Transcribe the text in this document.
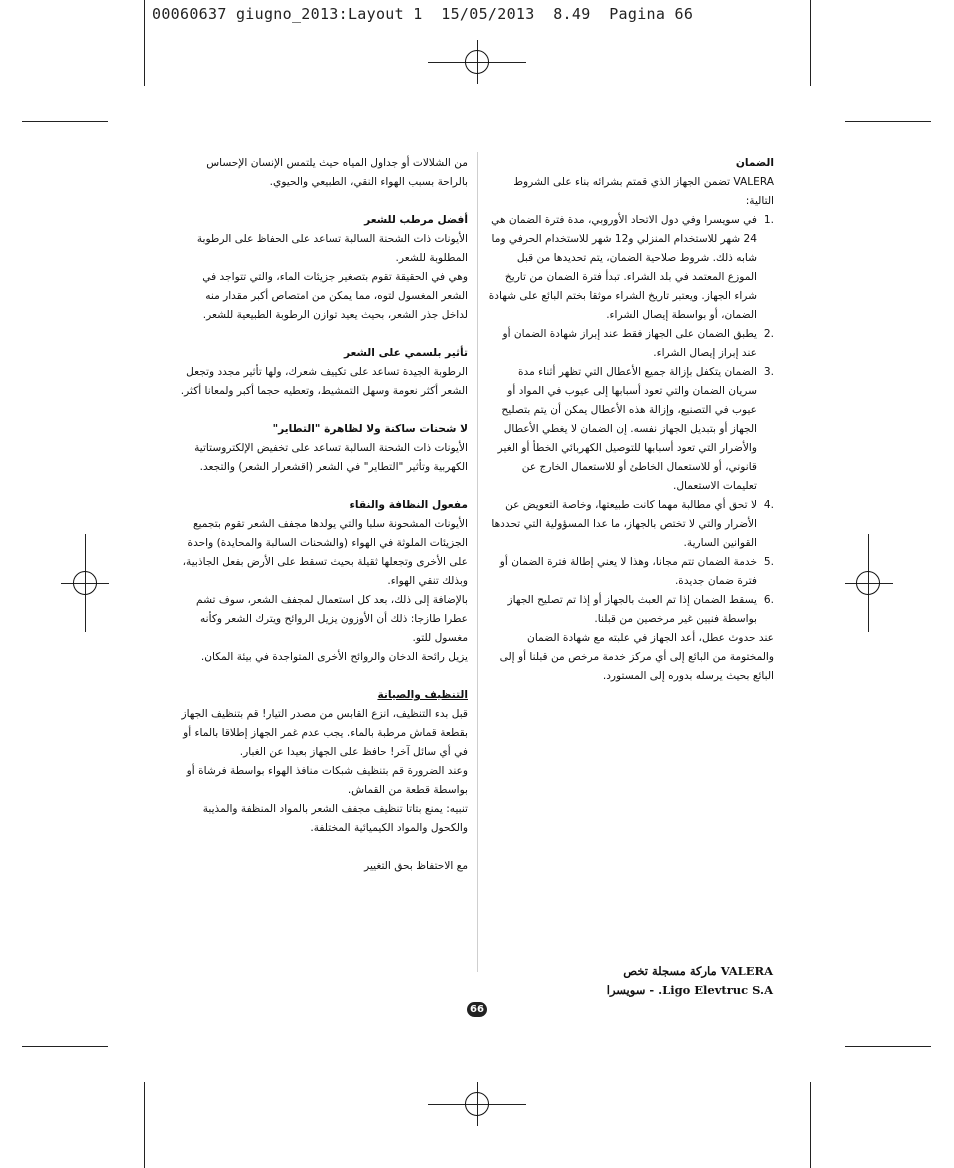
00060637 giugno_2013:Layout 1  15/05/2013  8.49  Pagina 66

الضمان

VALERA تضمن الجهاز الذي قمتم بشرائه بناء على الشروط التالية:

.1

في سويسرا وفي دول الاتحاد الأوروبي، مدة فترة الضمان هي 24 شهر للاستخدام المنزلي و12 شهر للاستخدام الحرفي وما شابه ذلك. شروط صلاحية الضمان، يتم تحديدها من قبل الموزع المعتمد في بلد الشراء. تبدأ فترة الضمان من تاريخ شراء الجهاز. ويعتبر تاريخ الشراء موثقا بختم البائع على شهادة الضمان، أو بواسطة إيصال الشراء.

.2

يطبق الضمان على الجهاز فقط عند إبراز شهادة الضمان أو عند إبراز إيصال الشراء.

.3

الضمان يتكفل بإزالة جميع الأعطال التي تظهر أثناء مدة سريان الضمان والتي تعود أسبابها إلى عيوب في المواد أو عيوب في التصنيع، وإزالة هذه الأعطال يمكن أن يتم بتصليح الجهاز أو بتبديل الجهاز نفسه. إن الضمان لا يغطي الأعطال والأضرار التي تعود أسبابها للتوصيل الكهربائي الخطأ أو الغير قانوني، أو للاستعمال الخاطئ أو للاستعمال الخارج عن تعليمات الاستعمال.

.4

لا تحق أي مطالبة مهما كانت طبيعتها، وخاصة التعويض عن الأضرار والتي لا تختص بالجهاز، ما عدا المسؤولية التي تحددها القوانين السارية.

.5

خدمة الضمان تتم مجانا، وهذا لا يعني إطالة فترة الضمان أو فترة ضمان جديدة.

.6

يسقط الضمان إذا تم العبث بالجهاز أو إذا تم تصليح الجهاز بواسطة فنيين غير مرخصين من قبلنا.

عند حدوث عطل، أعد الجهاز في علبته مع شهادة الضمان والمختومة من البائع إلى أي مركز خدمة مرخص من قبلنا أو إلى البائع بحيث يرسله بدوره إلى المستورد.

من الشلالات أو جداول المياه حيث يلتمس الإنسان الإحساس بالراحة بسبب الهواء النقي، الطبيعي والحيوي.

أفضل مرطب للشعر

الأيونات ذات الشحنة السالبة تساعد على الحفاظ على الرطوبة المطلوبة للشعر.

وهي في الحقيقة تقوم بتصغير جزيئات الماء، والتي تتواجد في الشعر المغسول لتوه، مما يمكن من امتصاص أكبر مقدار منه لداخل جذر الشعر، بحيث يعيد توازن الرطوبة الطبيعية للشعر.

تأثير بلسمي على الشعر

الرطوبة الجيدة تساعد على تكييف شعرك، ولها تأثير مجدد وتجعل الشعر أكثر نعومة وسهل التمشيط، وتعطيه حجما أكبر ولمعانا أكثر.

لا شحنات ساكنة ولا لظاهرة "التطاير"

الأيونات ذات الشحنة السالبة تساعد على تخفيض الإلكتروستاتية الكهربية وتأثير "التطاير" في الشعر (اقشعرار الشعر) والتجعد.

مفعول النظافة والنقاء

الأيونات المشحونة سلبا والتي يولدها مجفف الشعر تقوم بتجميع الجزيئات الملوثة في الهواء (والشحنات السالبة والمحايدة) واحدة على الأخرى وتجعلها ثقيلة بحيث تسقط على الأرض بفعل الجاذبية، وبذلك تنقي الهواء.

بالإضافة إلى ذلك، بعد كل استعمال لمجفف الشعر، سوف تشم عطرا طازجا: ذلك أن الأوزون يزيل الروائح ويترك الشعر وكأنه مغسول للتو.

يزيل رائحة الدخان والروائح الأخرى المتواجدة في بيئة المكان.

التنظيف والصيانة

قبل بدء التنظيف، انزع القابس من مصدر التيار! قم بتنظيف الجهاز بقطعة قماش مرطبة بالماء. يجب عدم غمر الجهاز إطلاقا بالماء أو في أي سائل آخر! حافظ على الجهاز بعيدا عن الغبار.

وعند الضرورة قم بتنظيف شبكات منافذ الهواء بواسطة فرشاة أو بواسطة قطعة من القماش.

تنبيه: يمنع بتاتا تنظيف مجفف الشعر بالمواد المنظفة والمذيبة والكحول والمواد الكيميائية المختلفة.

مع الاحتفاظ بحق التغيير

VALERA ماركة مسجلة تخص

Ligo Elevtruc S.A. - سويسرا

66
